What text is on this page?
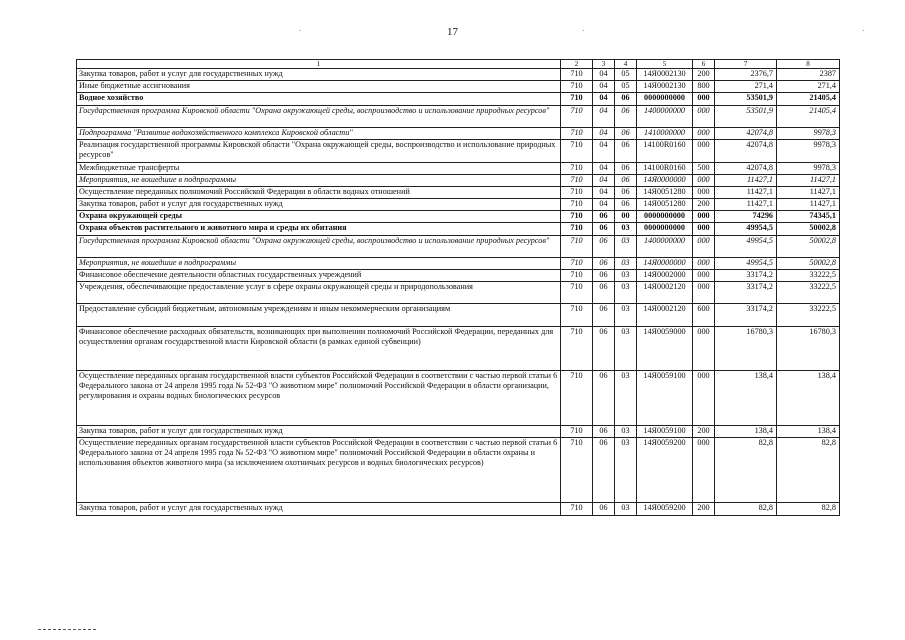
17
·	·	·
1	2	3	4	5	6	7	8
Закупка товаров, работ и услуг для государственных нужд	710	04	05	14Я0002130	200	2376,7	2387
Иные бюджетные ассигнования	710	04	05	14Я0002130	800	271,4	271,4
Водное хозяйство	710	04	06	0000000000	000	53501,9	21405,4
Государственная программа Кировской области "Охрана окружающей среды, воспроизводство и использование природных ресурсов"	710	04	06	1400000000	000	53501,9	21405,4
Подпрограмма "Развитие водохозяйственного комплекса Кировской области"	710	04	06	1410000000	000	42074,8	9978,3
Реализация государственной программы Кировской области "Охрана окружающей среды, воспроизводство и использование природных ресурсов"	710	04	06	14100R0160	000	42074,8	9978,3
Межбюджетные трансферты	710	04	06	14100R0160	500	42074,8	9978,3
Мероприятия, не вошедшие в подпрограммы	710	04	06	14Я0000000	000	11427,1	11427,1
Осуществление переданных полномочий Российской Федерации в области водных отношений	710	04	06	14Я0051280	000	11427,1	11427,1
Закупка товаров, работ и услуг для государственных нужд	710	04	06	14Я0051280	200	11427,1	11427,1
Охрана окружающей среды	710	06	00	0000000000	000	74296	74345,1
Охрана объектов растительного и животного мира и среды их обитания	710	06	03	0000000000	000	49954,5	50002,8
Государственная программа Кировской области "Охрана окружающей среды, воспроизводство и использование природных ресурсов"	710	06	03	1400000000	000	49954,5	50002,8
Мероприятия, не вошедшие в подпрограммы	710	06	03	14Я0000000	000	49954,5	50002,8
Финансовое обеспечение деятельности областных государственных учреждений	710	06	03	14Я0002000	000	33174,2	33222,5
Учреждения, обеспечивающие предоставление услуг в сфере охраны окружающей среды и природопользования	710	06	03	14Я0002120	000	33174,2	33222,5
Предоставление субсидий бюджетным, автономным учреждениям и иным некоммерческим организациям	710	06	03	14Я0002120	600	33174,2	33222,5
Финансовое обеспечение расходных обязательств, возникающих при выполнении полномочий Российской Федерации, переданных для осуществления органам государственной власти Кировской области (в рамках единой субвенции)	710	06	03	14Я0059000	000	16780,3	16780,3
Осуществление переданных органам государственной власти субъектов Российской Федерации в соответствии с частью первой статьи 6 Федерального закона от 24 апреля 1995 года № 52-ФЗ "О животном мире" полномочий Российской Федерации в области организации, регулирования и охраны водных биологических ресурсов	710	06	03	14Я0059100	000	138,4	138,4
Закупка товаров, работ и услуг для государственных нужд	710	06	03	14Я0059100	200	138,4	138,4
Осуществление переданных органам государственной власти субъектов Российской Федерации в соответствии с частью первой статьи 6 Федерального закона от 24 апреля 1995 года № 52-ФЗ "О животном мире" полномочий Российской Федерации в области охраны и использования объектов животного мира (за исключением охотничьих ресурсов и водных биологических ресурсов)	710	06	03	14Я0059200	000	82,8	82,8
Закупка товаров, работ и услуг для государственных нужд	710	06	03	14Я0059200	200	82,8	82,8
